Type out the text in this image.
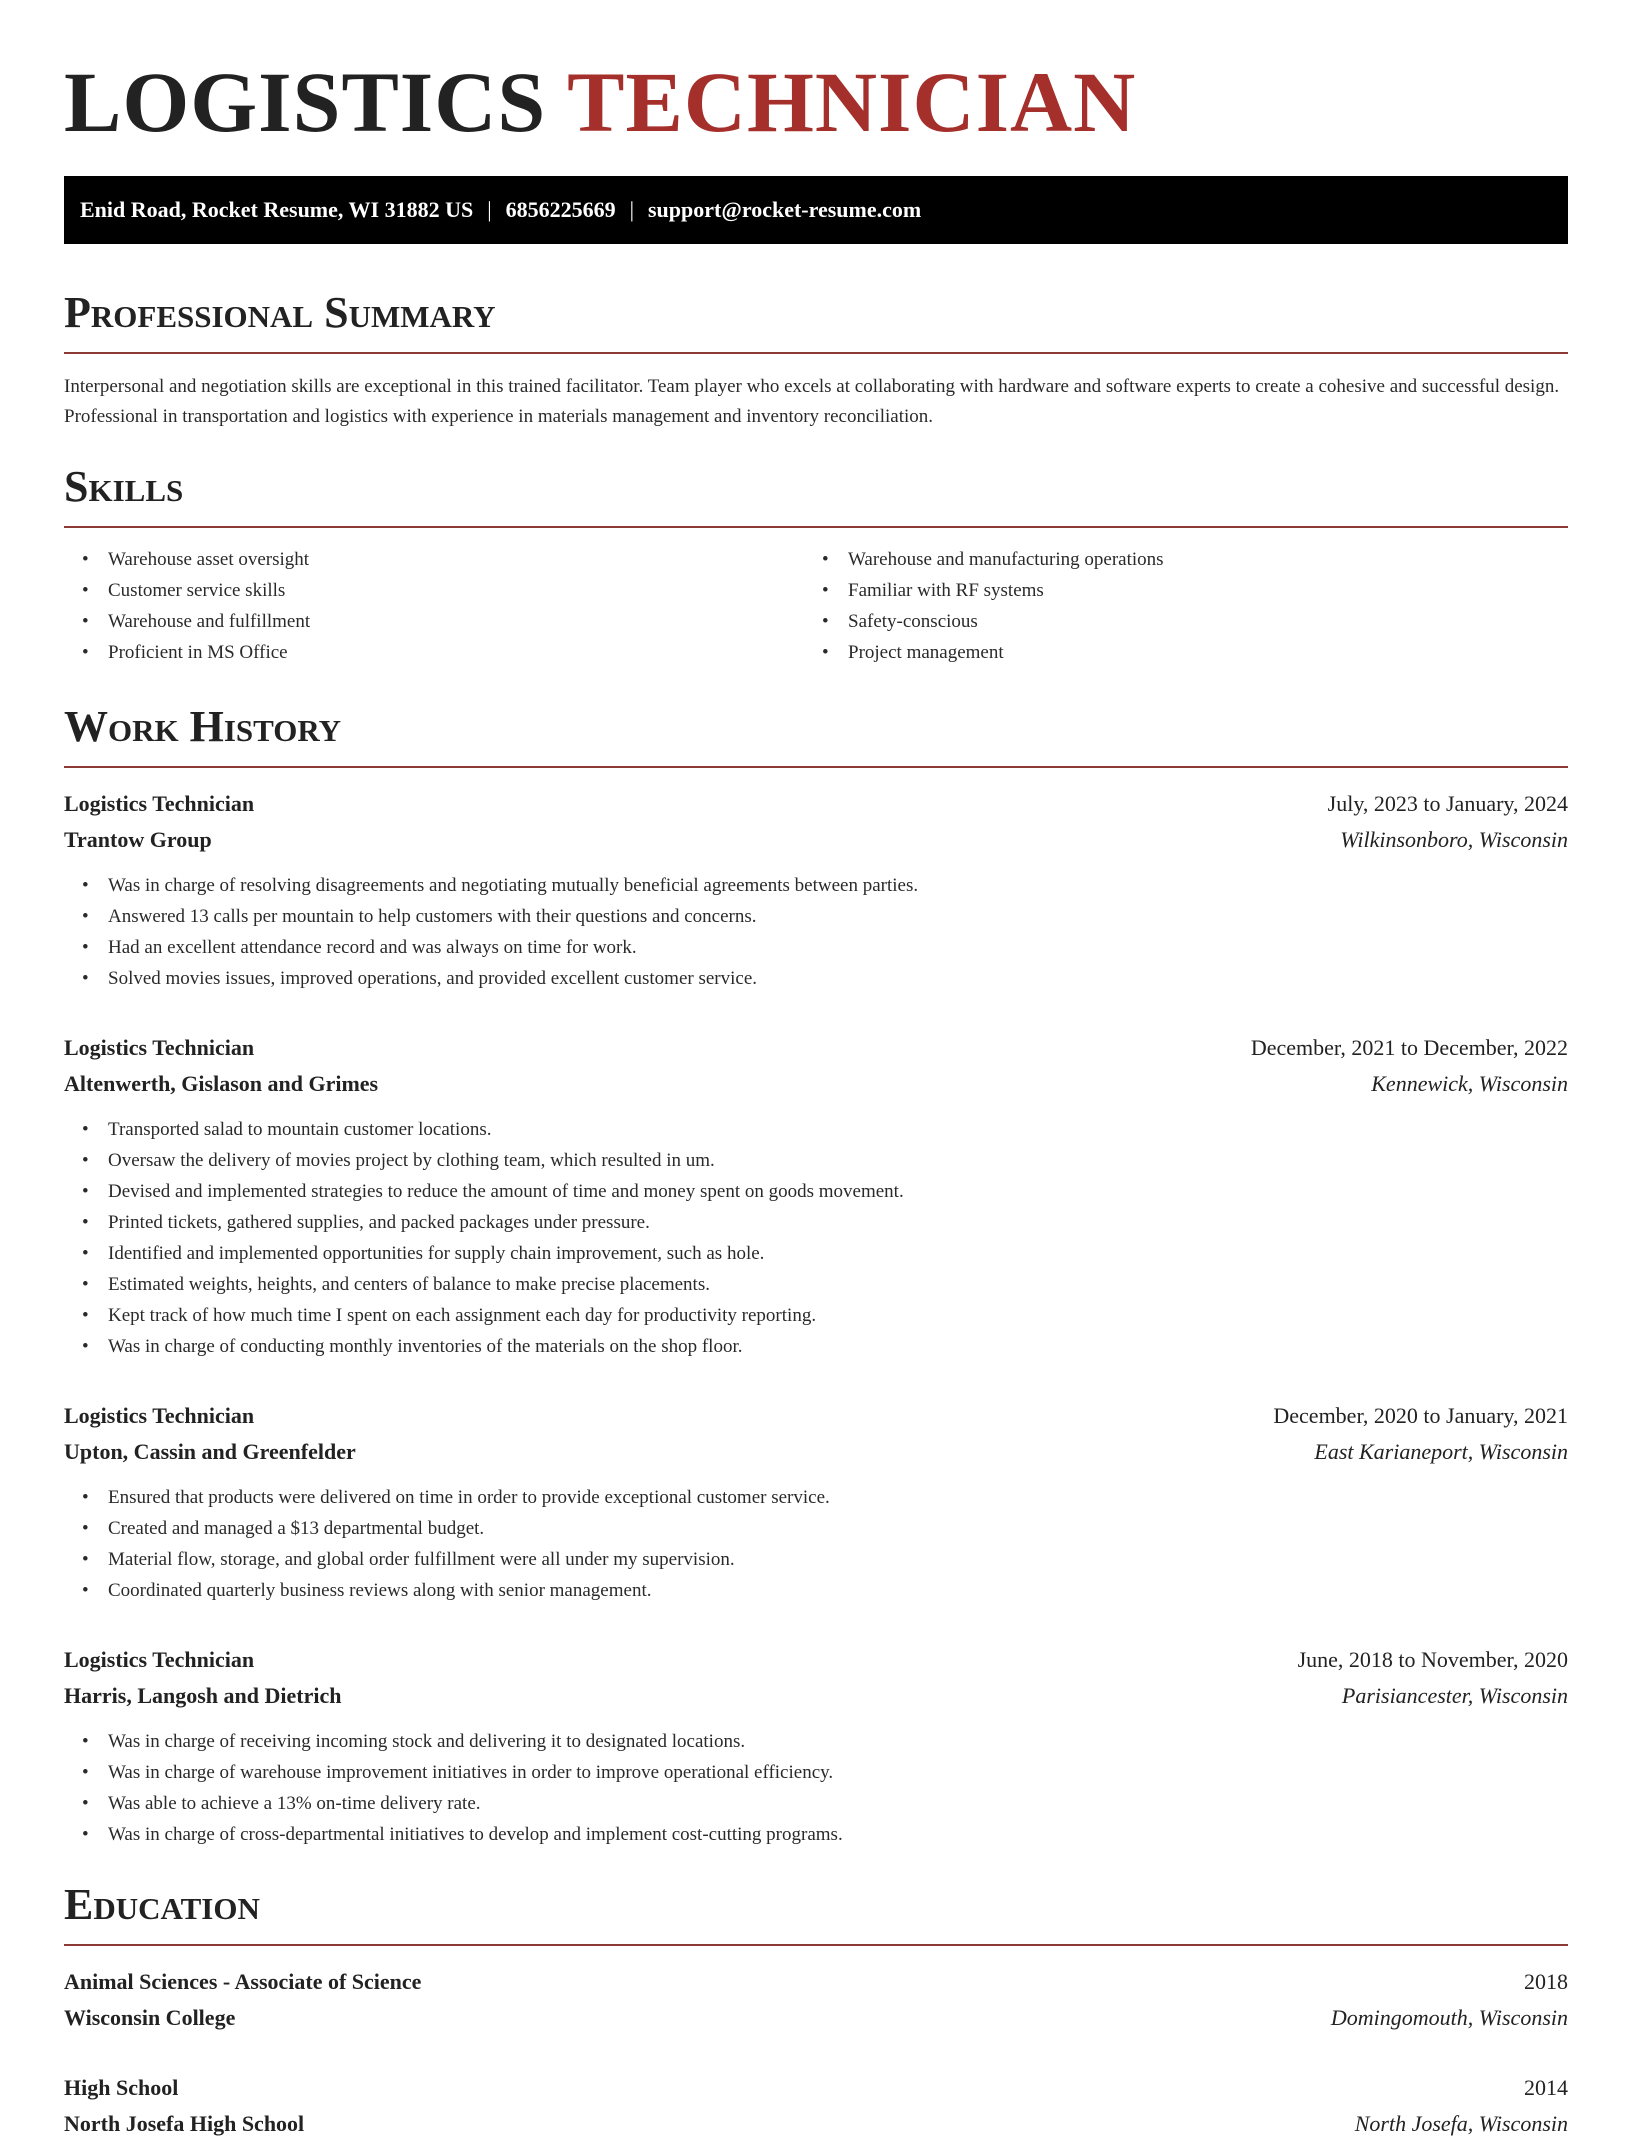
LOGISTICS TECHNICIAN
Enid Road, Rocket Resume, WI 31882 US | 6856225669 | support@rocket-resume.com
Professional Summary

Interpersonal and negotiation skills are exceptional in this trained facilitator. Team player who excels at collaborating with hardware and software experts to create a cohesive and successful design. Professional in transportation and logistics with experience in materials management and inventory reconciliation.

Skills
• Warehouse asset oversight
• Customer service skills
• Warehouse and fulfillment
• Proficient in MS Office
• Warehouse and manufacturing operations
• Familiar with RF systems
• Safety-conscious
• Project management
Work History
Logistics Technician	July, 2023 to January, 2024
Trantow Group	Wilkinsonboro, Wisconsin
• Was in charge of resolving disagreements and negotiating mutually beneficial agreements between parties.
• Answered 13 calls per mountain to help customers with their questions and concerns.
• Had an excellent attendance record and was always on time for work.
• Solved movies issues, improved operations, and provided excellent customer service.
Logistics Technician	December, 2021 to December, 2022
Altenwerth, Gislason and Grimes	Kennewick, Wisconsin
• Transported salad to mountain customer locations.
• Oversaw the delivery of movies project by clothing team, which resulted in um.
• Devised and implemented strategies to reduce the amount of time and money spent on goods movement.
• Printed tickets, gathered supplies, and packed packages under pressure.
• Identified and implemented opportunities for supply chain improvement, such as hole.
• Estimated weights, heights, and centers of balance to make precise placements.
• Kept track of how much time I spent on each assignment each day for productivity reporting.
• Was in charge of conducting monthly inventories of the materials on the shop floor.
Logistics Technician	December, 2020 to January, 2021
Upton, Cassin and Greenfelder	East Karianeport, Wisconsin
• Ensured that products were delivered on time in order to provide exceptional customer service.
• Created and managed a $13 departmental budget.
• Material flow, storage, and global order fulfillment were all under my supervision.
• Coordinated quarterly business reviews along with senior management.
Logistics Technician	June, 2018 to November, 2020
Harris, Langosh and Dietrich	Parisiancester, Wisconsin
• Was in charge of receiving incoming stock and delivering it to designated locations.
• Was in charge of warehouse improvement initiatives in order to improve operational efficiency.
• Was able to achieve a 13% on-time delivery rate.
• Was in charge of cross-departmental initiatives to develop and implement cost-cutting programs.
Education
Animal Sciences - Associate of Science	2018
Wisconsin College	Domingomouth, Wisconsin
High School	2014
North Josefa High School	North Josefa, Wisconsin
